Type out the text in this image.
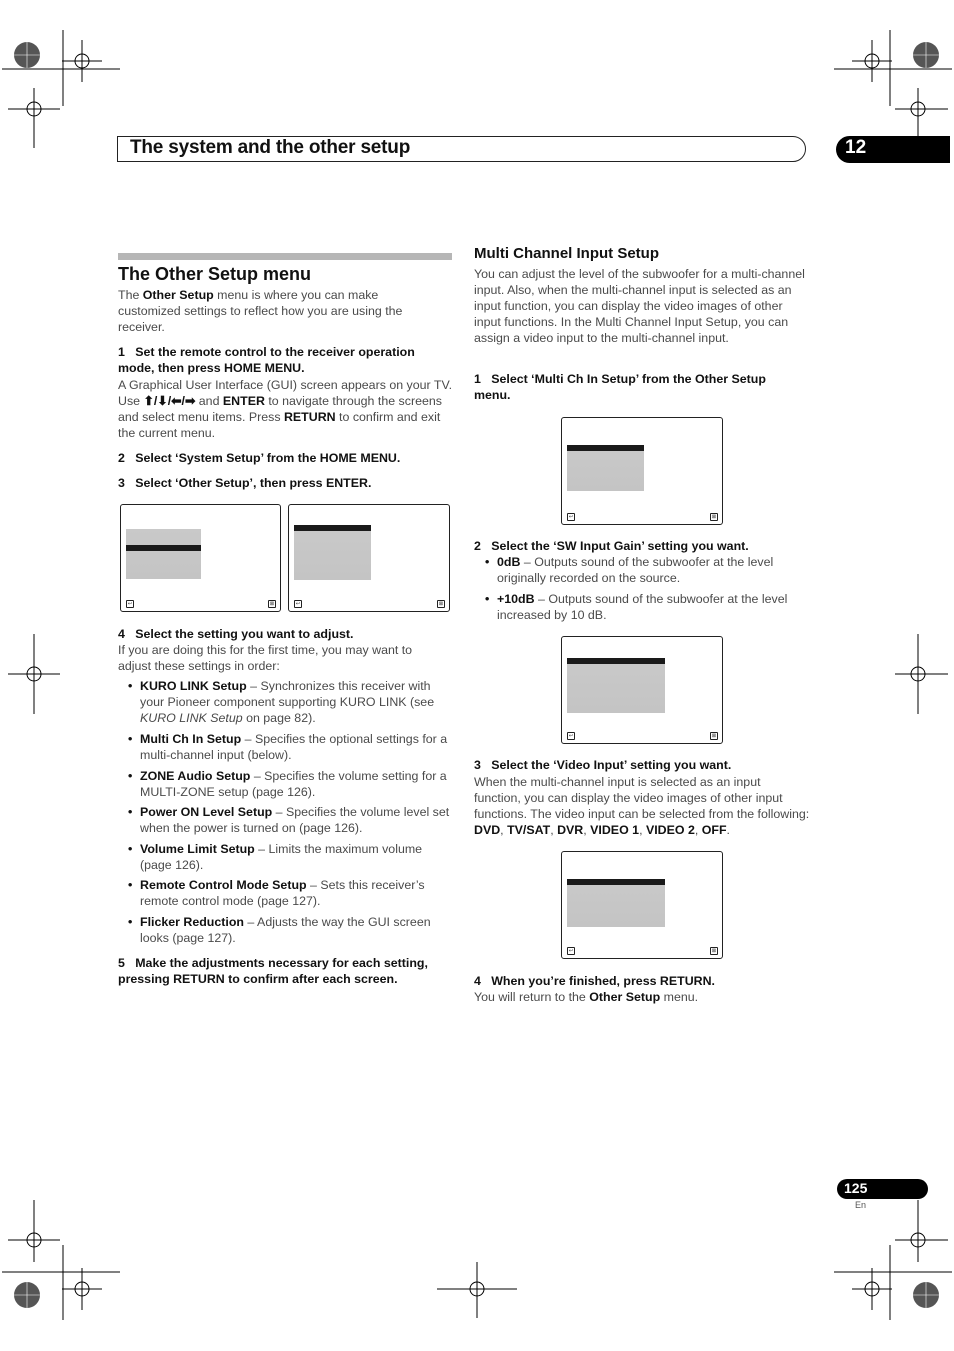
The system and the other setup	12
The Other Setup menu
The Other Setup menu is where you can make customized settings to reflect how you are using the receiver.
1 Set the remote control to the receiver operation mode, then press HOME MENU.
A Graphical User Interface (GUI) screen appears on your TV. Use ⬆/⬇/⬅/➡ and ENTER to navigate through the screens and select menu items. Press RETURN to confirm and exit the current menu.
2 Select ‘System Setup’ from the HOME MENU.
3 Select ‘Other Setup’, then press ENTER.
↩	⊠	↩	⊠
4 Select the setting you want to adjust.
If you are doing this for the first time, you may want to adjust these settings in order:
• KURO LINK Setup – Synchronizes this receiver with your Pioneer component supporting KURO LINK (see KURO LINK Setup on page 82).
• Multi Ch In Setup – Specifies the optional settings for a multi-channel input (below).
• ZONE Audio Setup – Specifies the volume setting for a MULTI-ZONE setup (page 126).
• Power ON Level Setup – Specifies the volume level set when the power is turned on (page 126).
• Volume Limit Setup – Limits the maximum volume (page 126).
• Remote Control Mode Setup – Sets this receiver’s remote control mode (page 127).
• Flicker Reduction – Adjusts the way the GUI screen looks (page 127).
5 Make the adjustments necessary for each setting, pressing RETURN to confirm after each screen.
Multi Channel Input Setup
You can adjust the level of the subwoofer for a multi-channel input. Also, when the multi-channel input is selected as an input function, you can display the video images of other input functions. In the Multi Channel Input Setup, you can assign a video input to the multi-channel input.
1 Select ‘Multi Ch In Setup’ from the Other Setup menu.
↩	⊠
2 Select the ‘SW Input Gain’ setting you want.
• 0dB – Outputs sound of the subwoofer at the level originally recorded on the source.
• +10dB – Outputs sound of the subwoofer at the level increased by 10 dB.
↩	⊠
3 Select the ‘Video Input’ setting you want.
When the multi-channel input is selected as an input function, you can display the video images of other input functions. The video input can be selected from the following: DVD, TV/SAT, DVR, VIDEO 1, VIDEO 2, OFF.
↩	⊠
4 When you’re finished, press RETURN.
You will return to the Other Setup menu.
125
En
